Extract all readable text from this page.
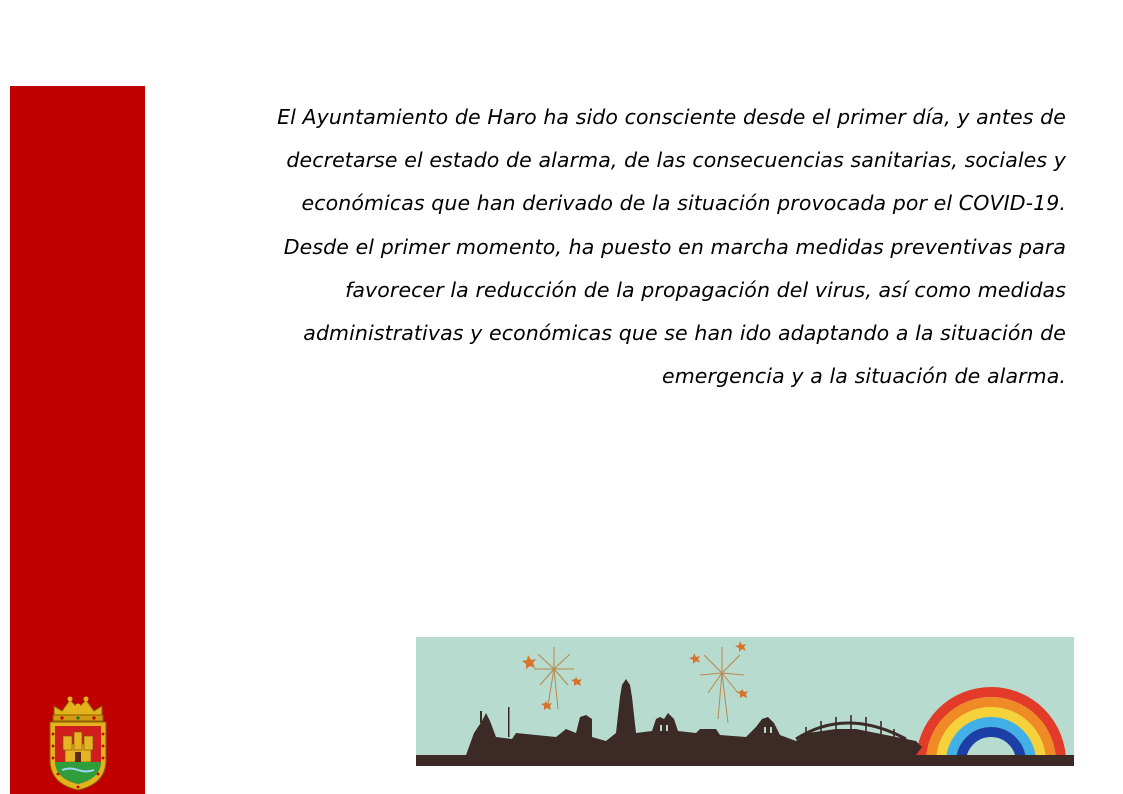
El Ayuntamiento de Haro ha sido consciente desde el primer día, y antes de
decretarse el estado de alarma, de las consecuencias sanitarias, sociales y
económicas que han derivado de la situación provocada por el COVID-19.
Desde el primer momento, ha puesto en marcha medidas preventivas para
favorecer la reducción de la propagación del virus, así como medidas
administrativas y económicas que se han ido adaptando a la situación de
emergencia y a la situación de alarma.
